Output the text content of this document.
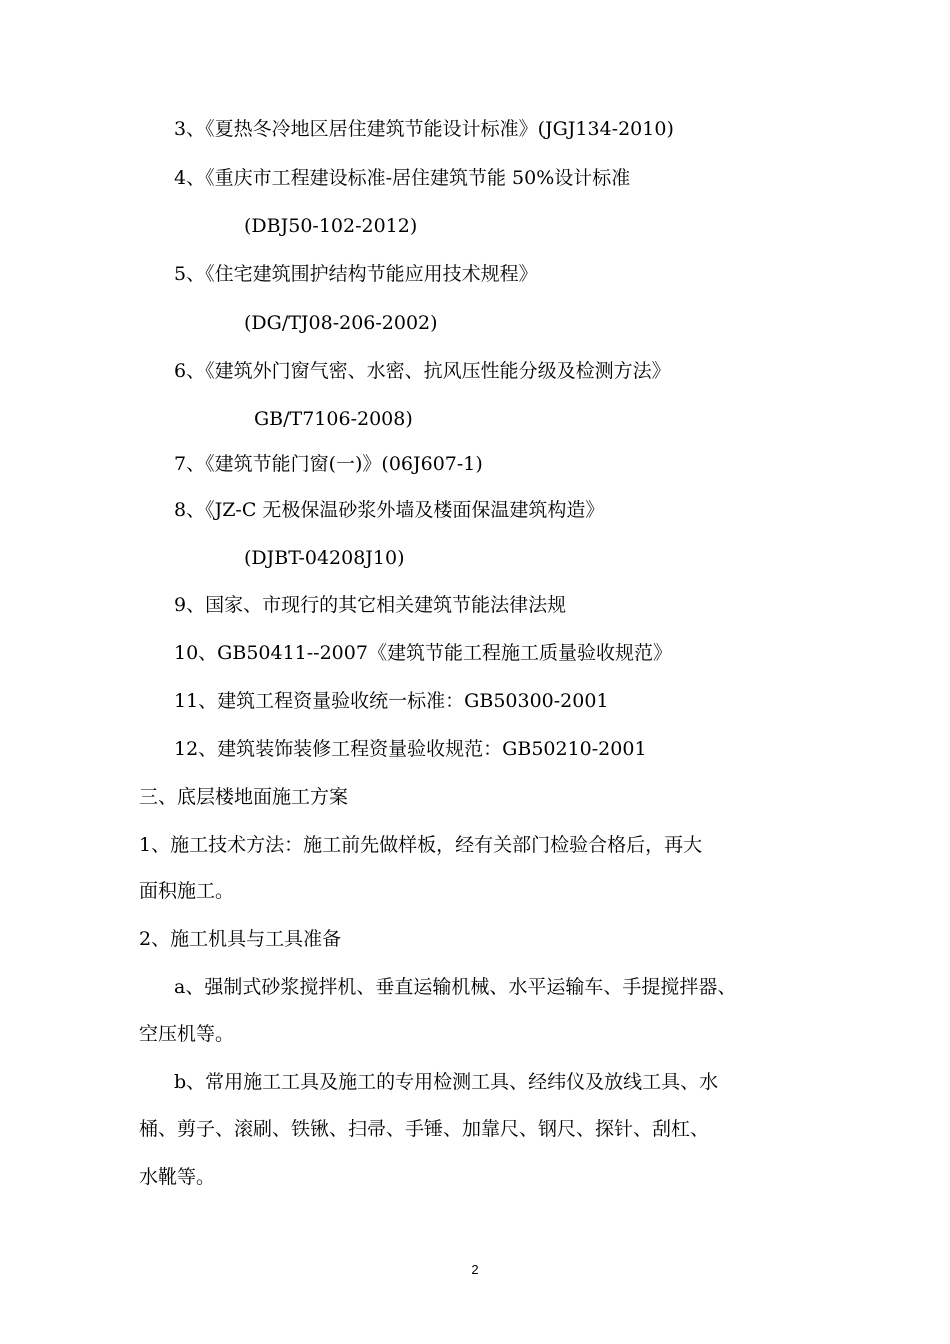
3、《夏热冬冷地区居住建筑节能设计标准》(JGJ134-2010)
4、《重庆市工程建设标准-居住建筑节能 50%设计标准
(DBJ50-102-2012)
5、《住宅建筑围护结构节能应用技术规程》
(DG/TJ08-206-2002)
6、《建筑外门窗气密、水密、抗风压性能分级及检测方法》
GB/T7106-2008)
7、《建筑节能门窗(一)》(06J607-1)
8、《JZ-C 无极保温砂浆外墙及楼面保温建筑构造》
(DJBT-04208J10)
9、国家、市现行的其它相关建筑节能法律法规
10、GB50411--2007《建筑节能工程施工质量验收规范》
11、建筑工程资量验收统一标准：GB50300-2001
12、建筑装饰装修工程资量验收规范：GB50210-2001
三、底层楼地面施工方案
1、施工技术方法：施工前先做样板，经有关部门检验合格后，再大
面积施工。
2、施工机具与工具准备
a、强制式砂浆搅拌机、垂直运输机械、水平运输车、手提搅拌器、
空压机等。
b、常用施工工具及施工的专用检测工具、经纬仪及放线工具、水
桶、剪子、滚刷、铁锹、扫帚、手锤、加靠尺、钢尺、探针、刮杠、
水靴等。
2
